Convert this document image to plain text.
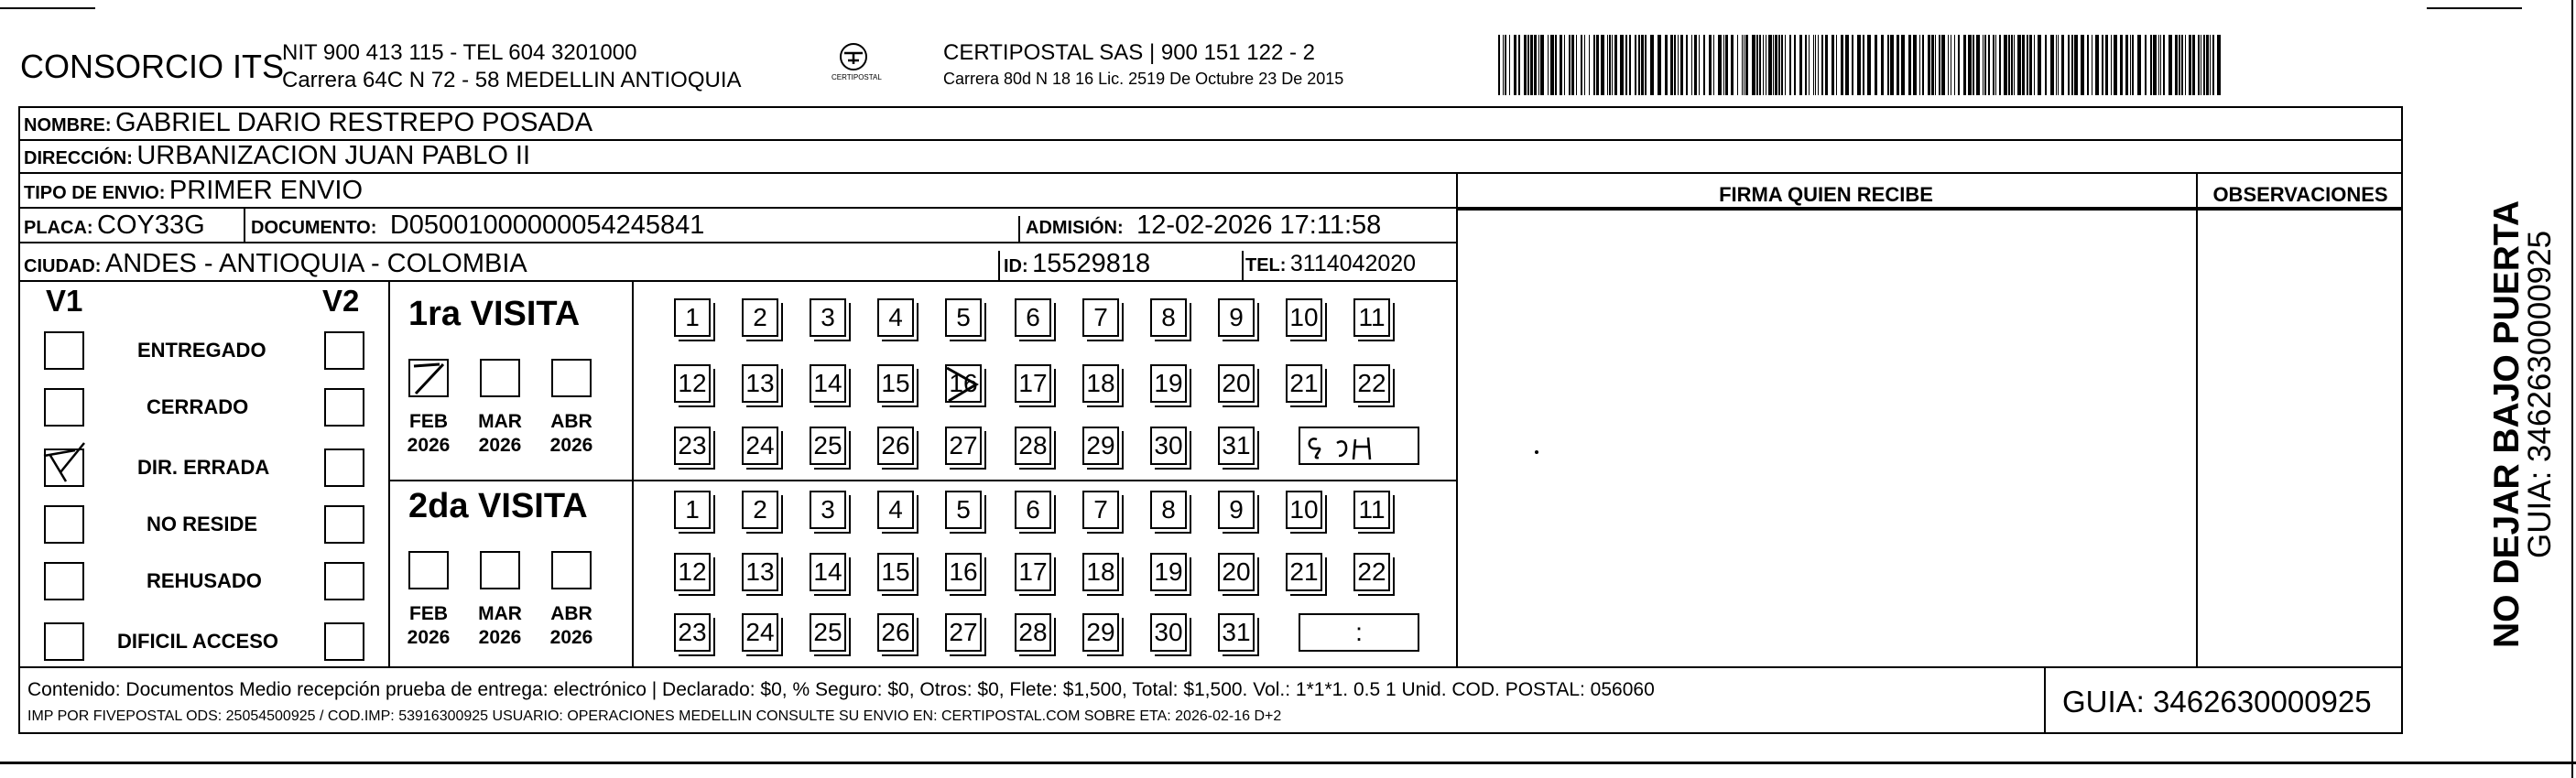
CONSORCIO ITS
NIT 900 413 115 - TEL 604 3201000
Carrera 64C N 72 - 58 MEDELLIN ANTIOQUIA	CERTIPOSTAL
CERTIPOSTAL SAS | 900 151 122 - 2
Carrera 80d N 18 16 Lic. 2519 De Octubre 23 De 2015
NOMBRE: GABRIEL DARIO RESTREPO POSADA
DIRECCIÓN: URBANIZACION JUAN PABLO II
TIPO DE ENVIO: PRIMER ENVIO	FIRMA QUIEN RECIBE	OBSERVACIONES
PLACA: COY33G	DOCUMENTO: D05001000000054245841	ADMISIÓN: 12-02-2026 17:11:58
CIUDAD: ANDES - ANTIOQUIA - COLOMBIA	ID: 15529818	TEL: 3114042020
V1	V2
ENTREGADO
CERRADO
DIR. ERRADA
NO RESIDE
REHUSADO
DIFICIL ACCESO
1ra VISITA
2da VISITA
FEB
2026
MAR
2026
ABR
2026
FEB
2026
MAR
2026
ABR
2026
1	2	3	4	5	6	7	8	9	10 11
12 13 14 15 16 17 18 19 20 21 22
23 24 25 26 27 28 29 30 31
1	2	3	4	5	6	7	8	9	10 11
12 13 14 15 16 17 18 19 20 21 22
23 24 25 26 27 28 29 30 31	:
Contenido: Documentos Medio recepción prueba de entrega: electrónico | Declarado: $0, % Seguro: $0, Otros: $0, Flete: $1,500, Total: $1,500. Vol.: 1*1*1. 0.5 1 Unid. COD. POSTAL: 056060
IMP POR FIVEPOSTAL ODS: 25054500925 / COD.IMP: 53916300925 USUARIO: OPERACIONES MEDELLIN CONSULTE SU ENVIO EN: CERTIPOSTAL.COM SOBRE ETA: 2026-02-16 D+2	GUIA: 3462630000925
NO DEJAR BAJO PUERTA
GUIA: 3462630000925
